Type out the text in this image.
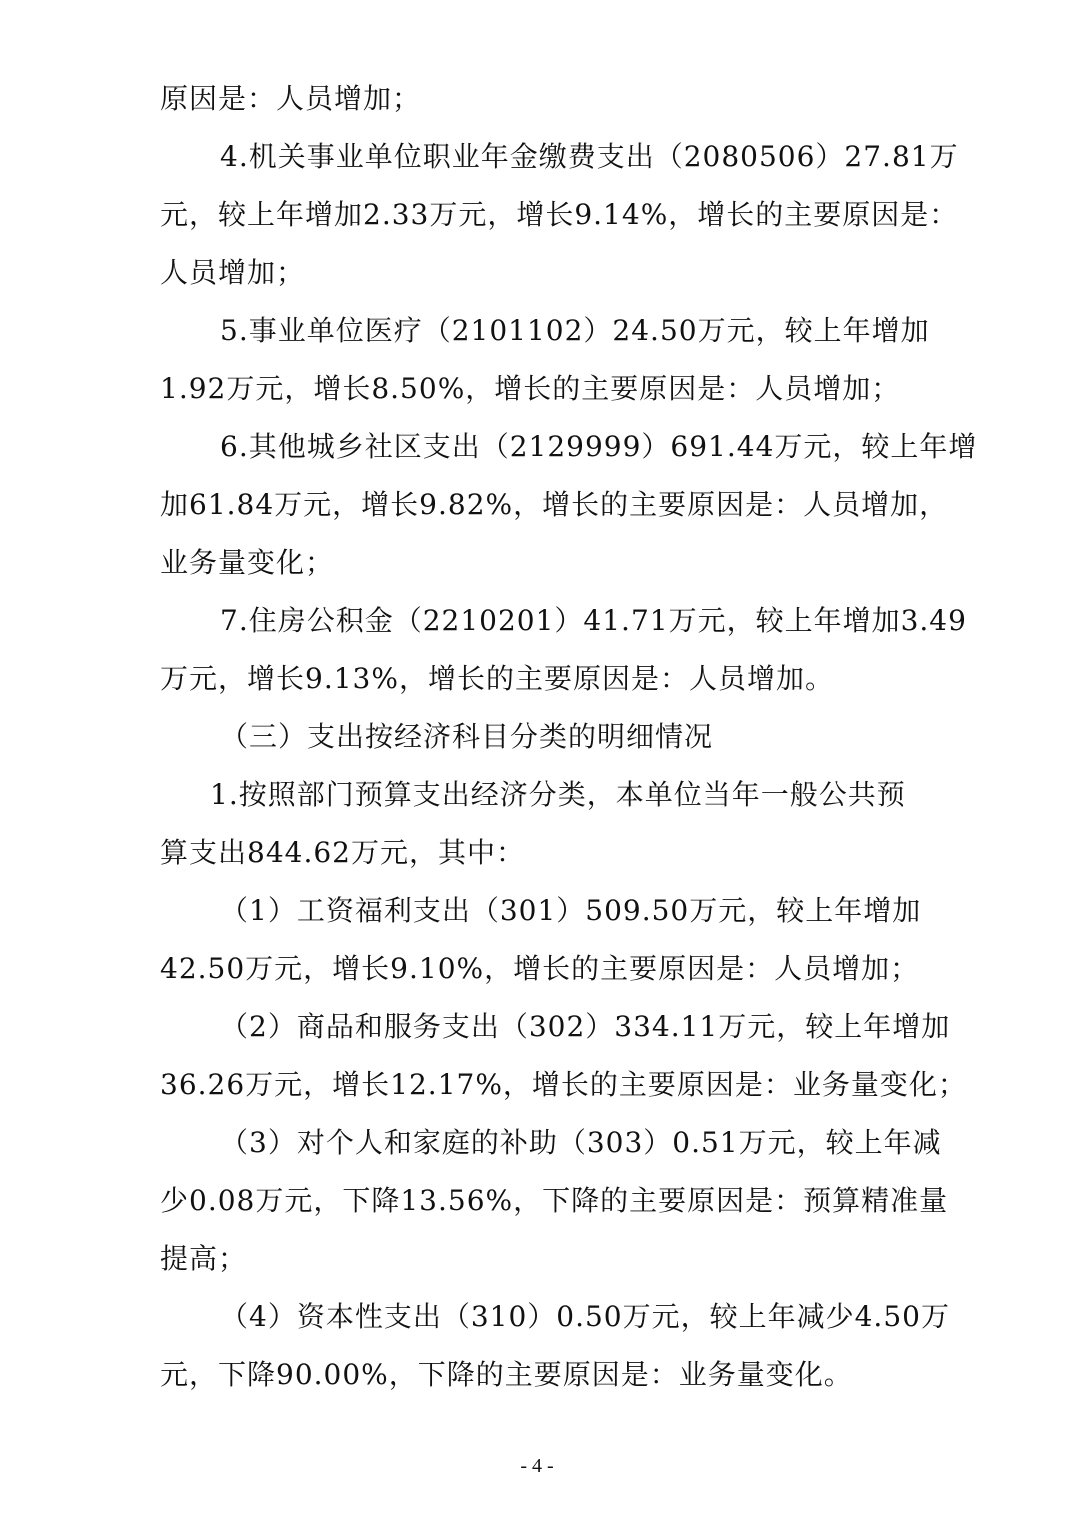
原因是：人员增加；
4.机关事业单位职业年金缴费支出（2080506）27.81万
元，较上年增加2.33万元，增长9.14%，增长的主要原因是：
人员增加；
5.事业单位医疗（2101102）24.50万元，较上年增加
1.92万元，增长8.50%，增长的主要原因是：人员增加；
6.其他城乡社区支出（2129999）691.44万元，较上年增
加61.84万元，增长9.82%，增长的主要原因是：人员增加，
业务量变化；
7.住房公积金（2210201）41.71万元，较上年增加3.49
万元，增长9.13%，增长的主要原因是：人员增加。
（三）支出按经济科目分类的明细情况
1.按照部门预算支出经济分类，本单位当年一般公共预
算支出844.62万元，其中：
（1）工资福利支出（301）509.50万元，较上年增加
42.50万元，增长9.10%，增长的主要原因是：人员增加；
（2）商品和服务支出（302）334.11万元，较上年增加
36.26万元，增长12.17%，增长的主要原因是：业务量变化；
（3）对个人和家庭的补助（303）0.51万元，较上年减
少0.08万元，下降13.56%，下降的主要原因是：预算精准量
提高；
（4）资本性支出（310）0.50万元，较上年减少4.50万
元，下降90.00%，下降的主要原因是：业务量变化。
- 4 -
